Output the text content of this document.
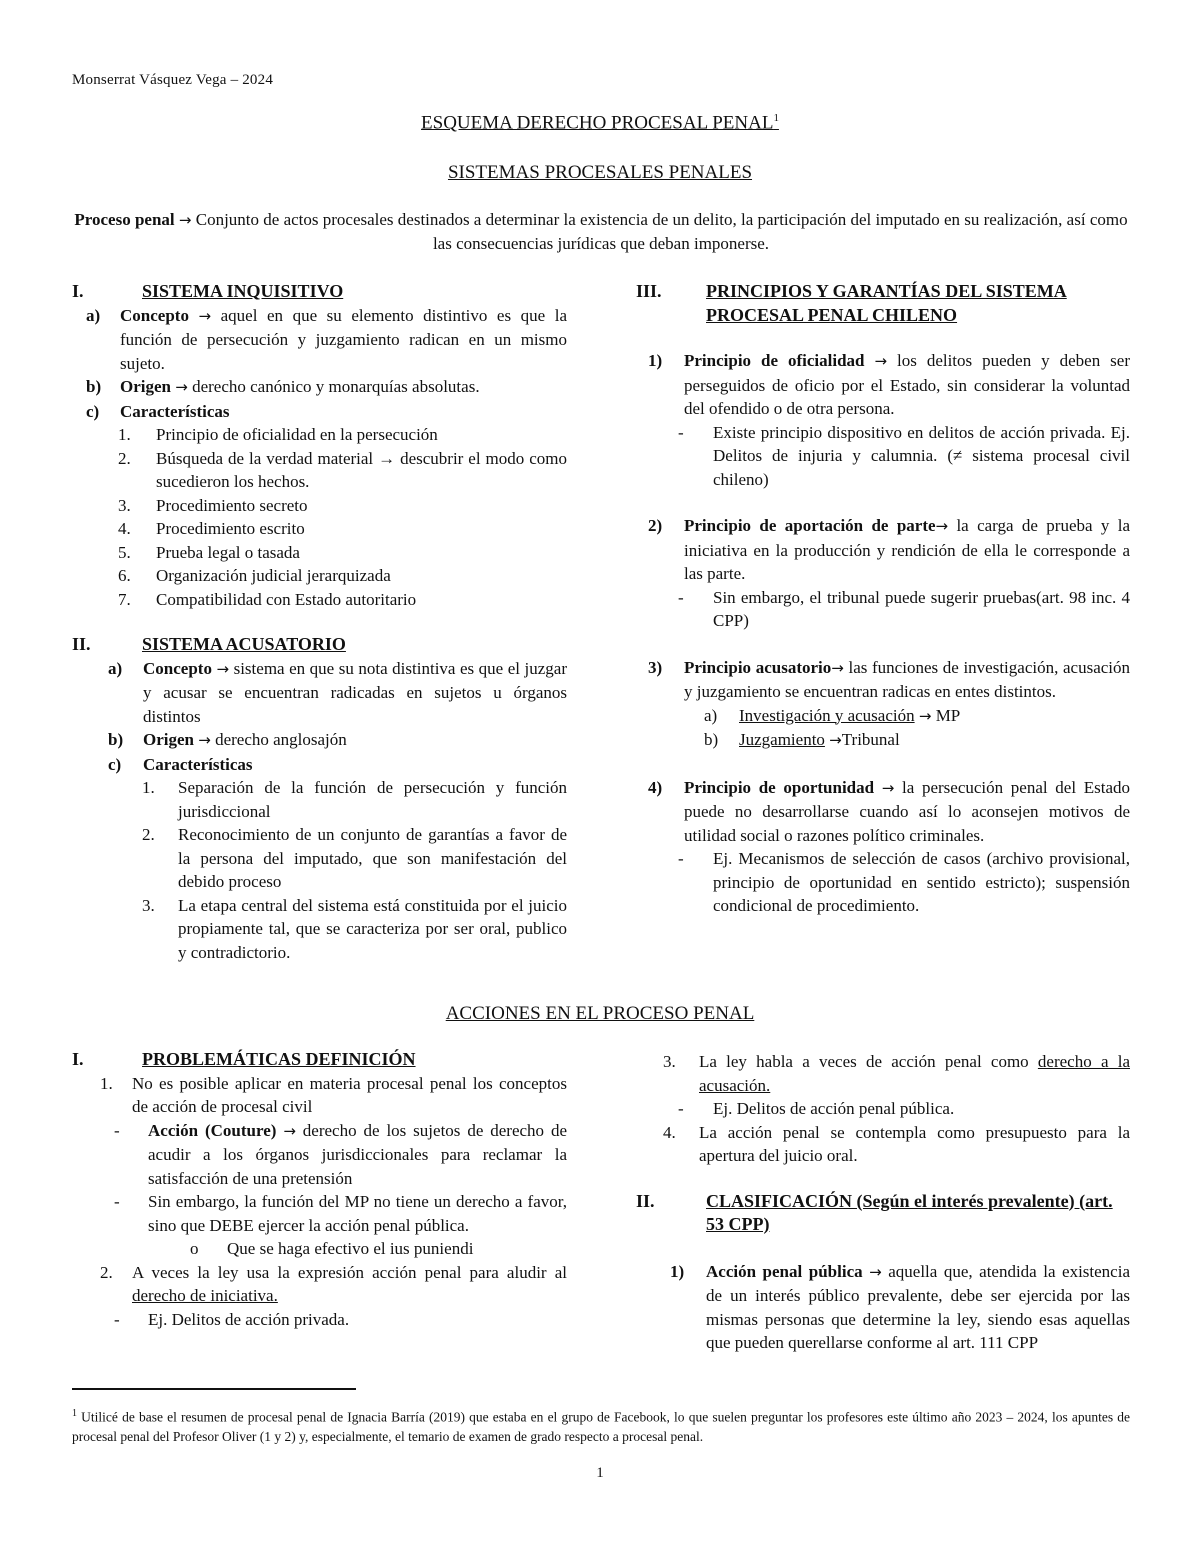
Monserrat Vásquez Vega – 2024
ESQUEMA DERECHO PROCESAL PENAL$^1$
SISTEMAS PROCESALES PENALES
Proceso penal → Conjunto de actos procesales destinados a determinar la existencia de un delito, la participación del imputado en su realización, así como las consecuencias jurídicas que deban imponerse.
I.	SISTEMA INQUISITIVO
a) Concepto → aquel en que su elemento distintivo es que la función de persecución y juzgamiento radican en un mismo sujeto.
b) Origen → derecho canónico y monarquías absolutas.
c) Características
1. Principio de oficialidad en la persecución
2. Búsqueda de la verdad material → descubrir el modo como sucedieron los hechos.
3. Procedimiento secreto
4. Procedimiento escrito
5. Prueba legal o tasada
6. Organización judicial jerarquizada
7. Compatibilidad con Estado autoritario
II.	SISTEMA ACUSATORIO
a) Concepto → sistema en que su nota distintiva es que el juzgar y acusar se encuentran radicadas en sujetos u órganos distintos
b) Origen → derecho anglosajón
c) Características
1. Separación de la función de persecución y función jurisdiccional
2. Reconocimiento de un conjunto de garantías a favor de la persona del imputado, que son manifestación del debido proceso
3. La etapa central del sistema está constituida por el juicio propiamente tal, que se caracteriza por ser oral, publico y contradictorio.
III. PRINCIPIOS Y GARANTÍAS DEL SISTEMA PROCESAL PENAL CHILENO
1) Principio de oficialidad → los delitos pueden y deben ser perseguidos de oficio por el Estado, sin considerar la voluntad del ofendido o de otra persona.
- Existe principio dispositivo en delitos de acción privada. Ej. Delitos de injuria y calumnia. (≠ sistema procesal civil chileno)
2) Principio de aportación de parte→ la carga de prueba y la iniciativa en la producción y rendición de ella le corresponde a las parte.
- Sin embargo, el tribunal puede sugerir pruebas(art. 98 inc. 4 CPP)
3) Principio acusatorio→ las funciones de investigación, acusación y juzgamiento se encuentran radicas en entes distintos.
a) Investigación y acusación → MP
b) Juzgamiento →Tribunal
4) Principio de oportunidad → la persecución penal del Estado puede no desarrollarse cuando así lo aconsejen motivos de utilidad social o razones político criminales.
- Ej. Mecanismos de selección de casos (archivo provisional, principio de oportunidad en sentido estricto); suspensión condicional de procedimiento.
ACCIONES EN EL PROCESO PENAL
I.	PROBLEMÁTICAS DEFINICIÓN
1. No es posible aplicar en materia procesal penal los conceptos de acción de procesal civil
- Acción (Couture) → derecho de los sujetos de derecho de acudir a los órganos jurisdiccionales para reclamar la satisfacción de una pretensión
- Sin embargo, la función del MP no tiene un derecho a favor, sino que DEBE ejercer la acción penal pública.
o Que se haga efectivo el ius puniendi
2. A veces la ley usa la expresión acción penal para aludir al derecho de iniciativa.
- Ej. Delitos de acción privada.
3. La ley habla a veces de acción penal como derecho a la acusación.
- Ej. Delitos de acción penal pública.
4. La acción penal se contempla como presupuesto para la apertura del juicio oral.
II.	CLASIFICACIÓN (Según el interés prevalente) (art. 53 CPP)
1) Acción penal pública → aquella que, atendida la existencia de un interés público prevalente, debe ser ejercida por las mismas personas que determine la ley, siendo esas aquellas que pueden querellarse conforme al art. 111 CPP
$^1$ Utilicé de base el resumen de procesal penal de Ignacia Barría (2019) que estaba en el grupo de Facebook, lo que suelen preguntar los profesores este último año 2023 – 2024, los apuntes de procesal penal del Profesor Oliver (1 y 2) y, especialmente, el temario de examen de grado respecto a procesal penal.
1
